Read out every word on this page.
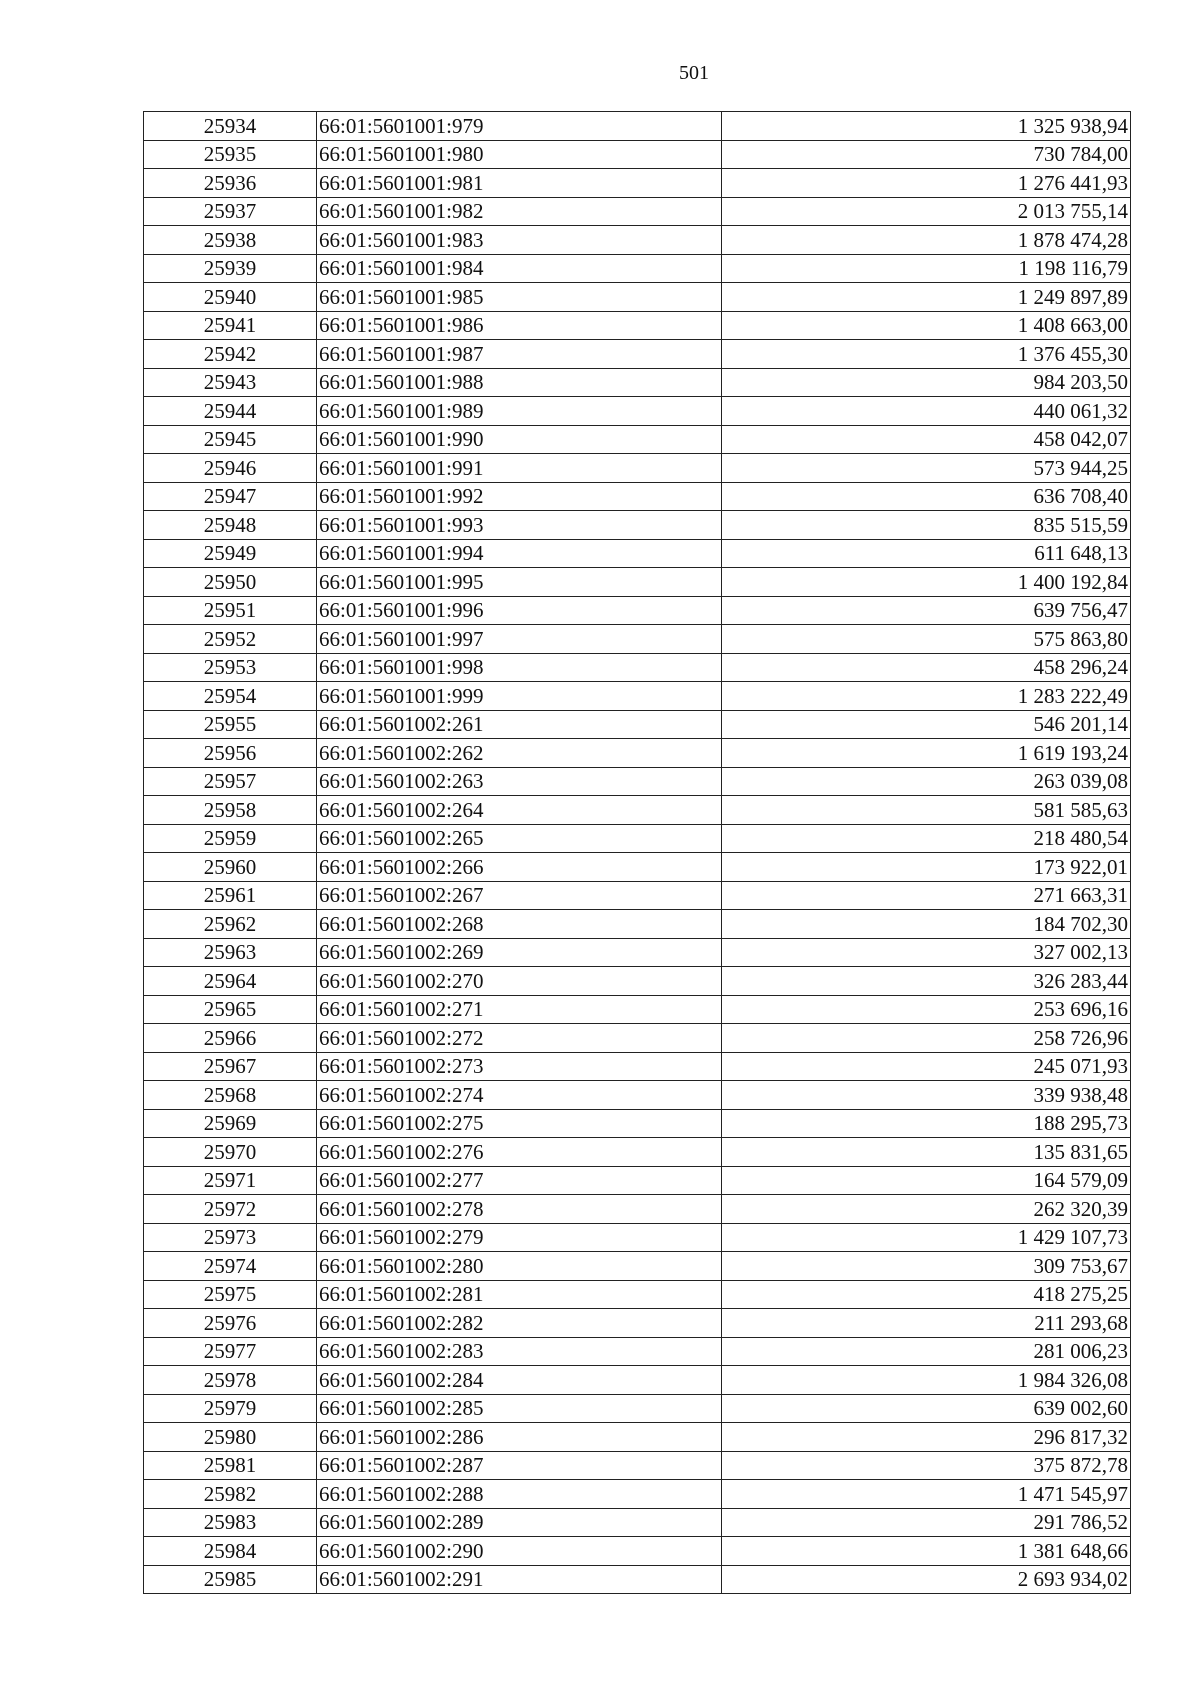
501
25934	66:01:5601001:979	1 325 938,94
25935	66:01:5601001:980	730 784,00
25936	66:01:5601001:981	1 276 441,93
25937	66:01:5601001:982	2 013 755,14
25938	66:01:5601001:983	1 878 474,28
25939	66:01:5601001:984	1 198 116,79
25940	66:01:5601001:985	1 249 897,89
25941	66:01:5601001:986	1 408 663,00
25942	66:01:5601001:987	1 376 455,30
25943	66:01:5601001:988	984 203,50
25944	66:01:5601001:989	440 061,32
25945	66:01:5601001:990	458 042,07
25946	66:01:5601001:991	573 944,25
25947	66:01:5601001:992	636 708,40
25948	66:01:5601001:993	835 515,59
25949	66:01:5601001:994	611 648,13
25950	66:01:5601001:995	1 400 192,84
25951	66:01:5601001:996	639 756,47
25952	66:01:5601001:997	575 863,80
25953	66:01:5601001:998	458 296,24
25954	66:01:5601001:999	1 283 222,49
25955	66:01:5601002:261	546 201,14
25956	66:01:5601002:262	1 619 193,24
25957	66:01:5601002:263	263 039,08
25958	66:01:5601002:264	581 585,63
25959	66:01:5601002:265	218 480,54
25960	66:01:5601002:266	173 922,01
25961	66:01:5601002:267	271 663,31
25962	66:01:5601002:268	184 702,30
25963	66:01:5601002:269	327 002,13
25964	66:01:5601002:270	326 283,44
25965	66:01:5601002:271	253 696,16
25966	66:01:5601002:272	258 726,96
25967	66:01:5601002:273	245 071,93
25968	66:01:5601002:274	339 938,48
25969	66:01:5601002:275	188 295,73
25970	66:01:5601002:276	135 831,65
25971	66:01:5601002:277	164 579,09
25972	66:01:5601002:278	262 320,39
25973	66:01:5601002:279	1 429 107,73
25974	66:01:5601002:280	309 753,67
25975	66:01:5601002:281	418 275,25
25976	66:01:5601002:282	211 293,68
25977	66:01:5601002:283	281 006,23
25978	66:01:5601002:284	1 984 326,08
25979	66:01:5601002:285	639 002,60
25980	66:01:5601002:286	296 817,32
25981	66:01:5601002:287	375 872,78
25982	66:01:5601002:288	1 471 545,97
25983	66:01:5601002:289	291 786,52
25984	66:01:5601002:290	1 381 648,66
25985	66:01:5601002:291	2 693 934,02
